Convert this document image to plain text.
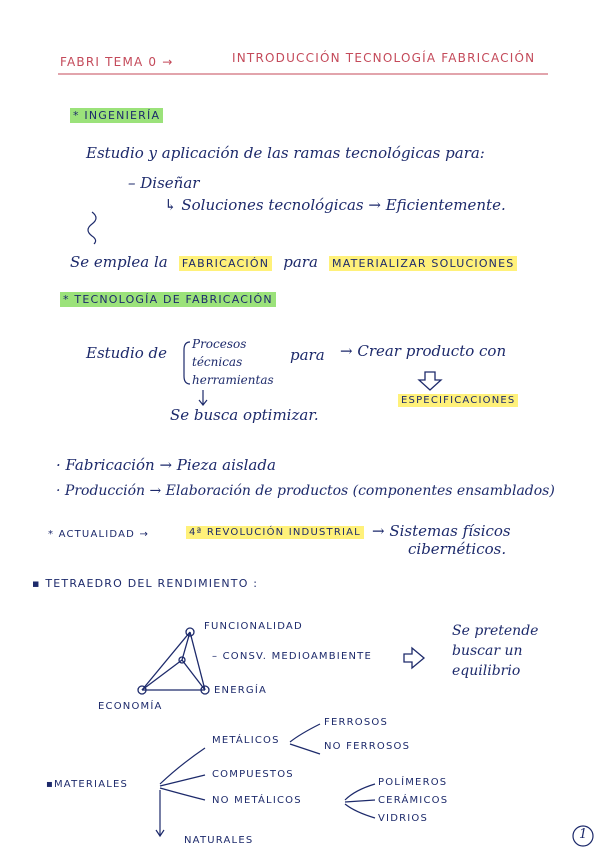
FABRI TEMA 0 →	INTRODUCCIÓN TECNOLOGÍA FABRICACIÓN
* INGENIERÍA
Estudio y aplicación de las ramas tecnológicas para:
– Diseñar
↳ Soluciones tecnológicas → Eficientemente.
Se emplea la FABRICACIÓN para MATERIALIZAR SOLUCIONES
* TECNOLOGÍA DE FABRICACIÓN
Estudio de Procesos
técnicas
herramientas
para → Crear producto con
ESPECIFICACIONES
Se busca optimizar.
· Fabricación → Pieza aislada
· Producción → Elaboración de productos (componentes ensamblados)
* ACTUALIDAD →	4ª REVOLUCIÓN INDUSTRIAL → Sistemas físicos
cibernéticos.
▪ TETRAEDRO DEL RENDIMIENTO :
FUNCIONALIDAD
– CONSV. MEDIOAMBIENTE
ENERGÍA
ECONOMÍA
Se pretende
buscar un
equilibrio
▪MATERIALES
METÁLICOS
FERROSOS
NO FERROSOS
COMPUESTOS
NO METÁLICOS
POLÍMEROS
CERÁMICOS
VIDRIOS
NATURALES	1
